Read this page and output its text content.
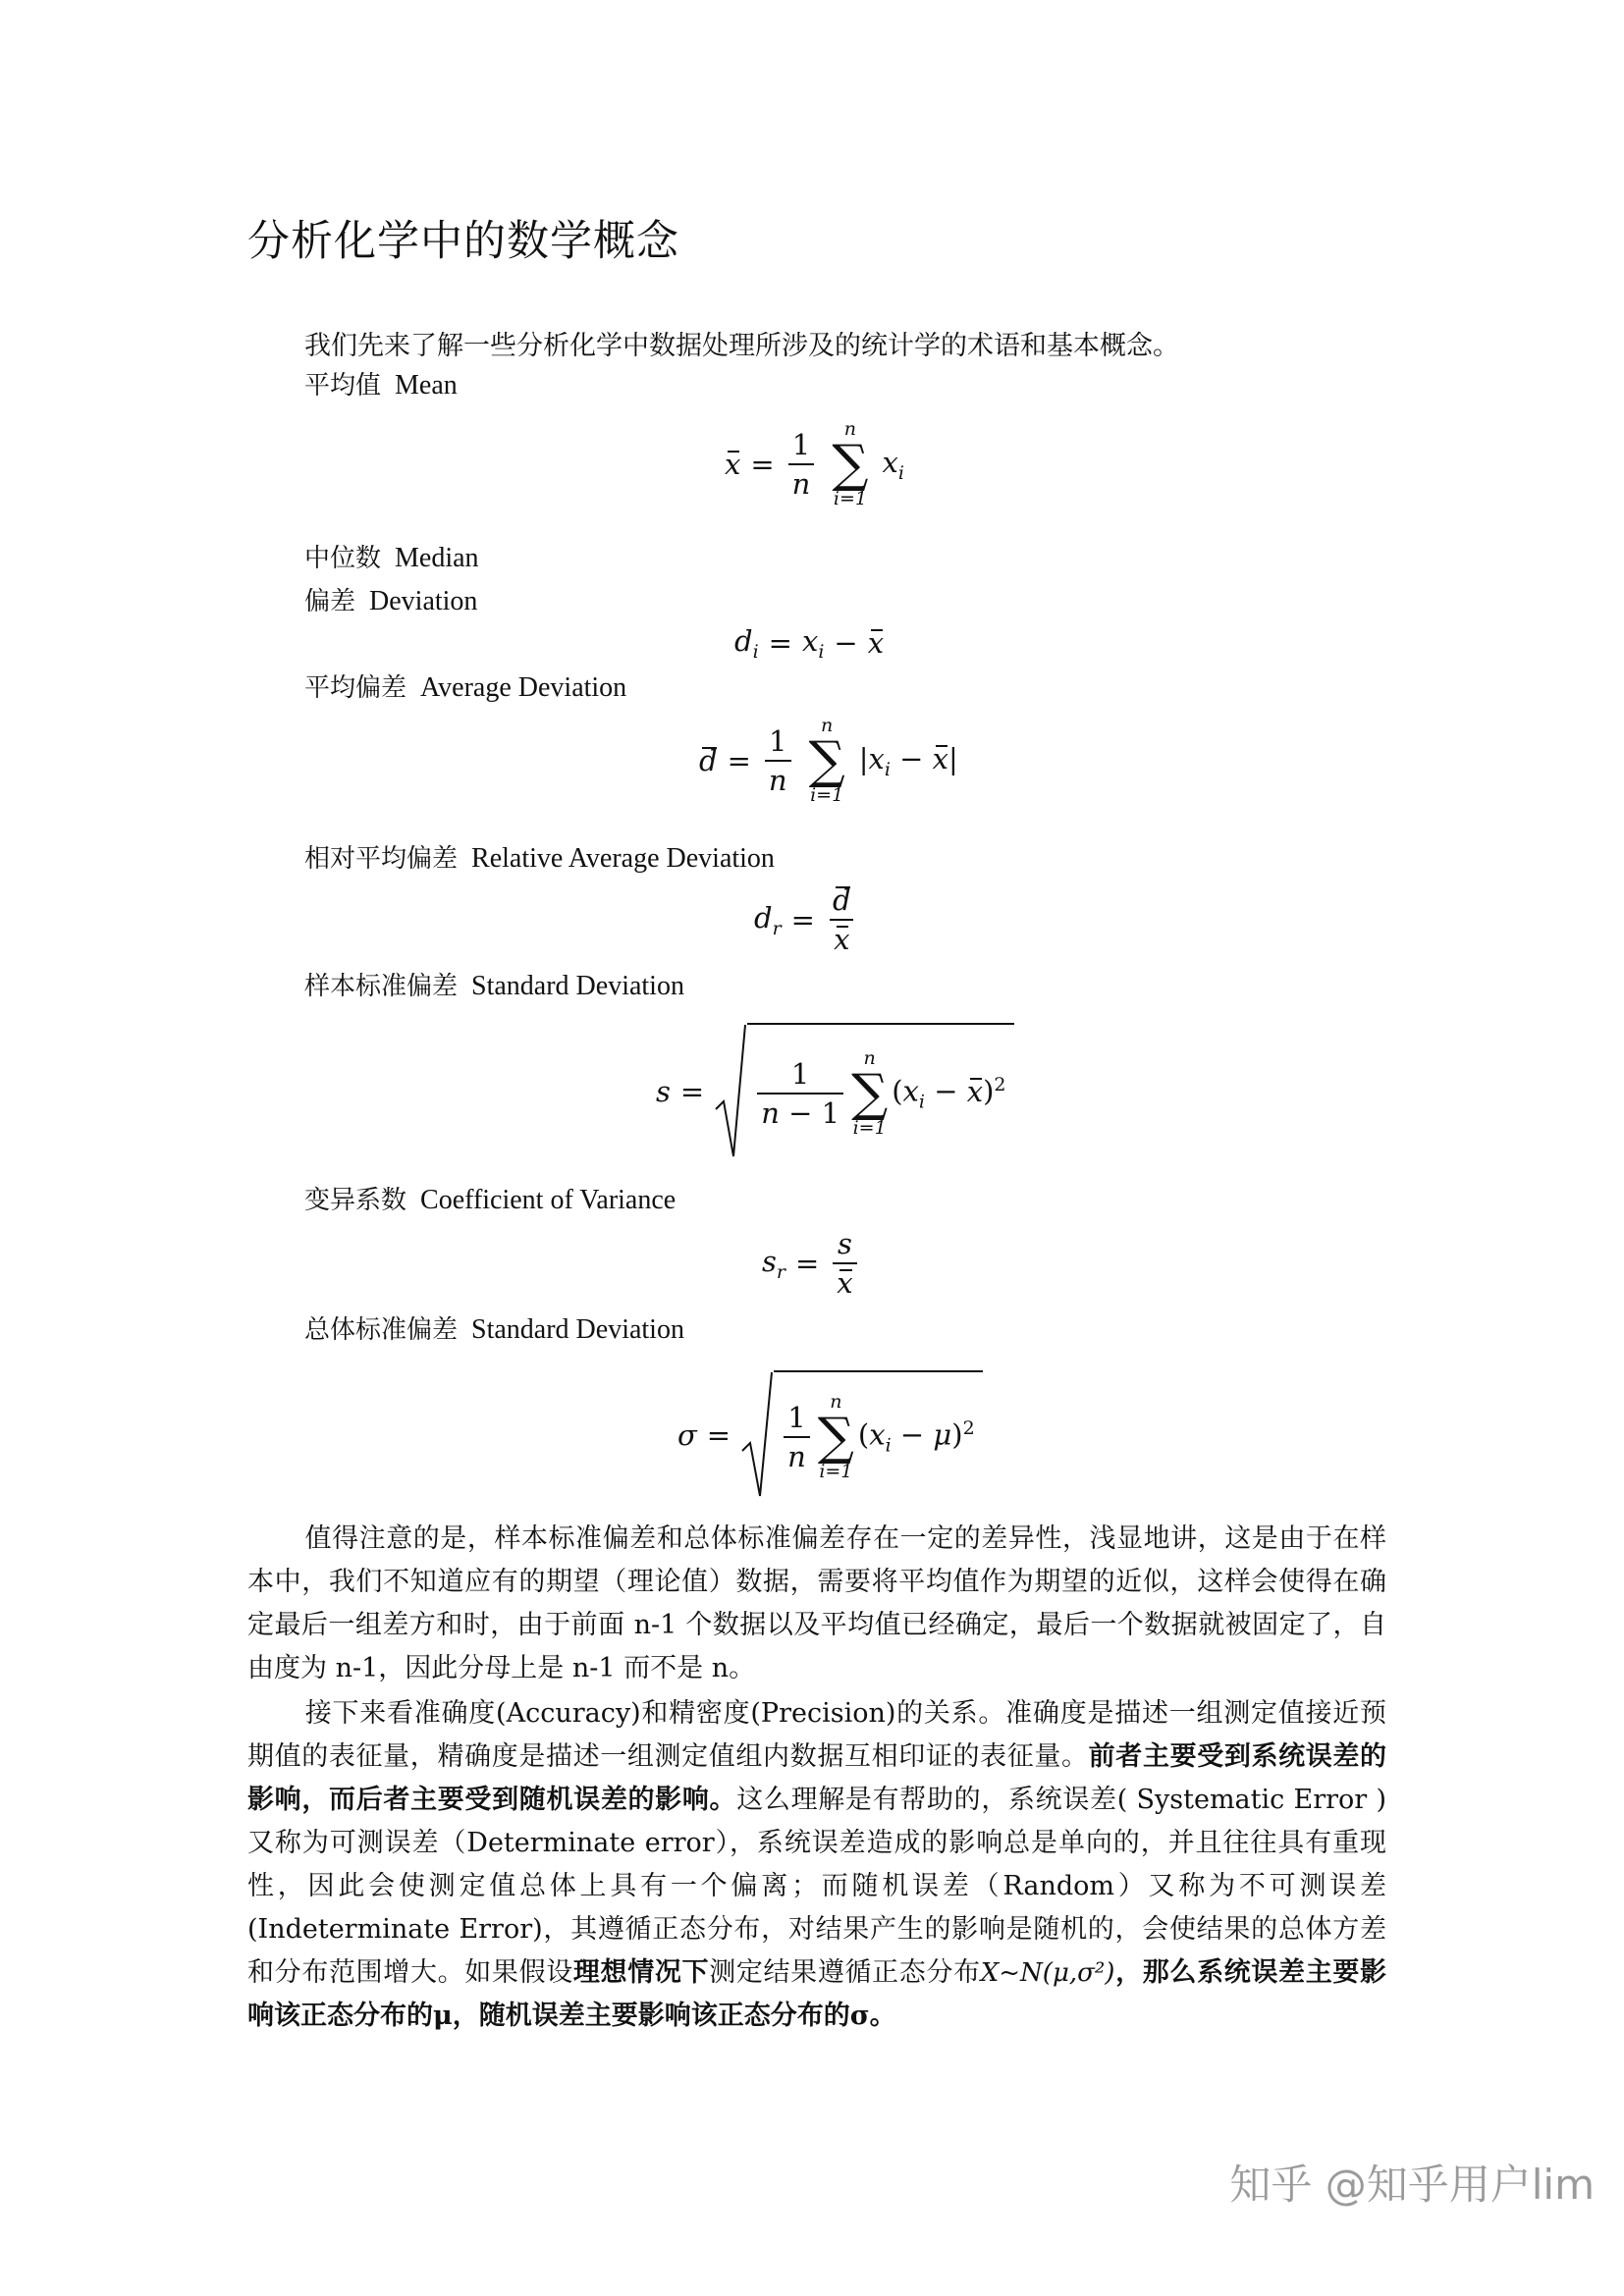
分析化学中的数学概念
我们先来了解一些分析化学中数据处理所涉及的统计学的术语和基本概念。
平均值 Mean
$x = \frac{1}{n}$ n
∑
i=1
$x_i$
中位数 Median
偏差 Deviation
$d_i = x_i - x$
平均偏差 Average Deviation
$d = \frac{1}{n}$ n
∑
i=1
$|x_i - x|$
相对平均偏差 Relative Average Deviation
$d_r = \frac{d}{x}$
样本标准偏差 Standard Deviation
$s = \frac{1}{n - 1}$ n
∑
i=1
$(x_i - x)^2$
变异系数 Coefficient of Variance
$s_r = \frac{s}{x}$
总体标准偏差 Standard Deviation
$\sigma = \frac{1}{n}$ n
∑
i=1
$(x_i - \mu)^2$
值得注意的是，样本标准偏差和总体标准偏差存在一定的差异性，浅显地讲，这是由于在样本中，我们不知道应有的期望（理论值）数据，需要将平均值作为期望的近似，这样会使得在确定最后一组差方和时，由于前面 n-1 个数据以及平均值已经确定，最后一个数据就被固定了，自由度为 n-1，因此分母上是 n-1 而不是 n。
接下来看准确度(Accuracy)和精密度(Precision)的关系。准确度是描述一组测定值接近预期值的表征量，精确度是描述一组测定值组内数据互相印证的表征量。前者主要受到系统误差的影响，而后者主要受到随机误差的影响。这么理解是有帮助的，系统误差( Systematic Error )又称为可测误差（Determinate error），系统误差造成的影响总是单向的，并且往往具有重现性，因此会使测定值总体上具有一个偏离；而随机误差（Random）又称为不可测误差(Indeterminate Error)，其遵循正态分布，对结果产生的影响是随机的，会使结果的总体方差和分布范围增大。如果假设理想情况下测定结果遵循正态分布X~N(μ,σ²)，那么系统误差主要影响该正态分布的μ，随机误差主要影响该正态分布的σ。
知乎 @知乎用户lim
